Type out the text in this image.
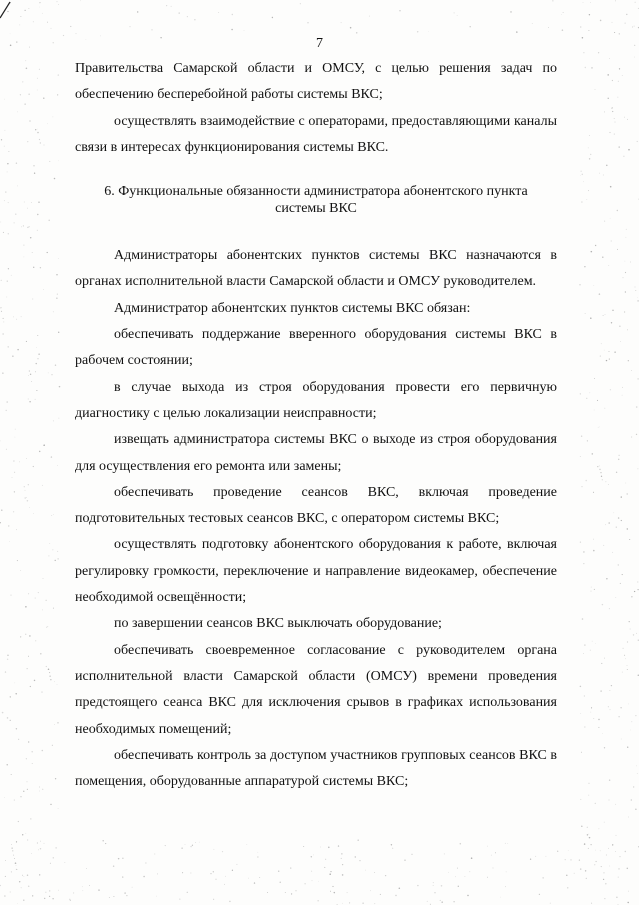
7

Правительства Самарской области и ОМСУ, с целью решения задач по обеспечению бесперебойной работы системы ВКС;

осуществлять взаимодействие с операторами, предоставляющими каналы связи в интересах функционирования системы ВКС.

6. Функциональные обязанности администратора абонентского пункта
системы ВКС

Администраторы абонентских пунктов системы ВКС назначаются в органах исполнительной власти Самарской области и ОМСУ руководителем.

Администратор абонентских пунктов системы ВКС обязан:

обеспечивать поддержание вверенного оборудования системы ВКС в рабочем состоянии;

в случае выхода из строя оборудования провести его первичную диагностику с целью локализации неисправности;

извещать администратора системы ВКС о выходе из строя оборудования для осуществления его ремонта или замены;

обеспечивать проведение сеансов ВКС, включая проведение подготовительных тестовых сеансов ВКС, с оператором системы ВКС;

осуществлять подготовку абонентского оборудования к работе, включая регулировку громкости, переключение и направление видеокамер, обеспечение необходимой освещённости;

по завершении сеансов ВКС выключать оборудование;

обеспечивать своевременное согласование с руководителем органа исполнительной власти Самарской области (ОМСУ) времени проведения предстоящего сеанса ВКС для исключения срывов в графиках использования необходимых помещений;

обеспечивать контроль за доступом участников групповых сеансов ВКС в помещения, оборудованные аппаратурой системы ВКС;
